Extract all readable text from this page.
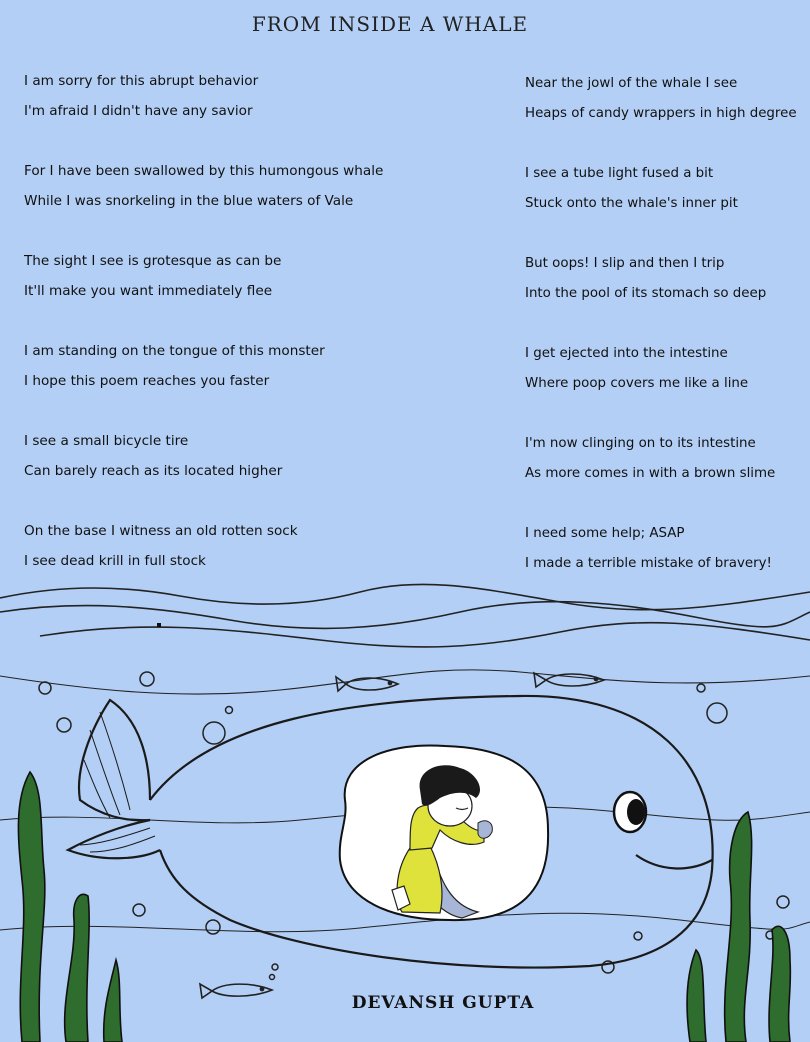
FROM INSIDE A WHALE
I am sorry for this abrupt behavior
I'm afraid I didn't have any savior
For I have been swallowed by this humongous whale
While I was snorkeling in the blue waters of Vale
The sight I see is grotesque as can be
It'll make you want immediately flee
I am standing on the tongue of this monster
I hope this poem reaches you faster
I see a small bicycle tire
Can barely reach as its located higher
On the base I witness an old rotten sock
I see dead krill in full stock
Near the jowl of the whale I see
Heaps of candy wrappers in high degree
I see a tube light fused a bit
Stuck onto the whale's inner pit
But oops! I slip and then I trip
Into the pool of its stomach so deep
I get ejected into the intestine
Where poop covers me like a line
I'm now clinging on to its intestine
As more comes in with a brown slime
I need some help; ASAP
I made a terrible mistake of bravery!
DEVANSH GUPTA
